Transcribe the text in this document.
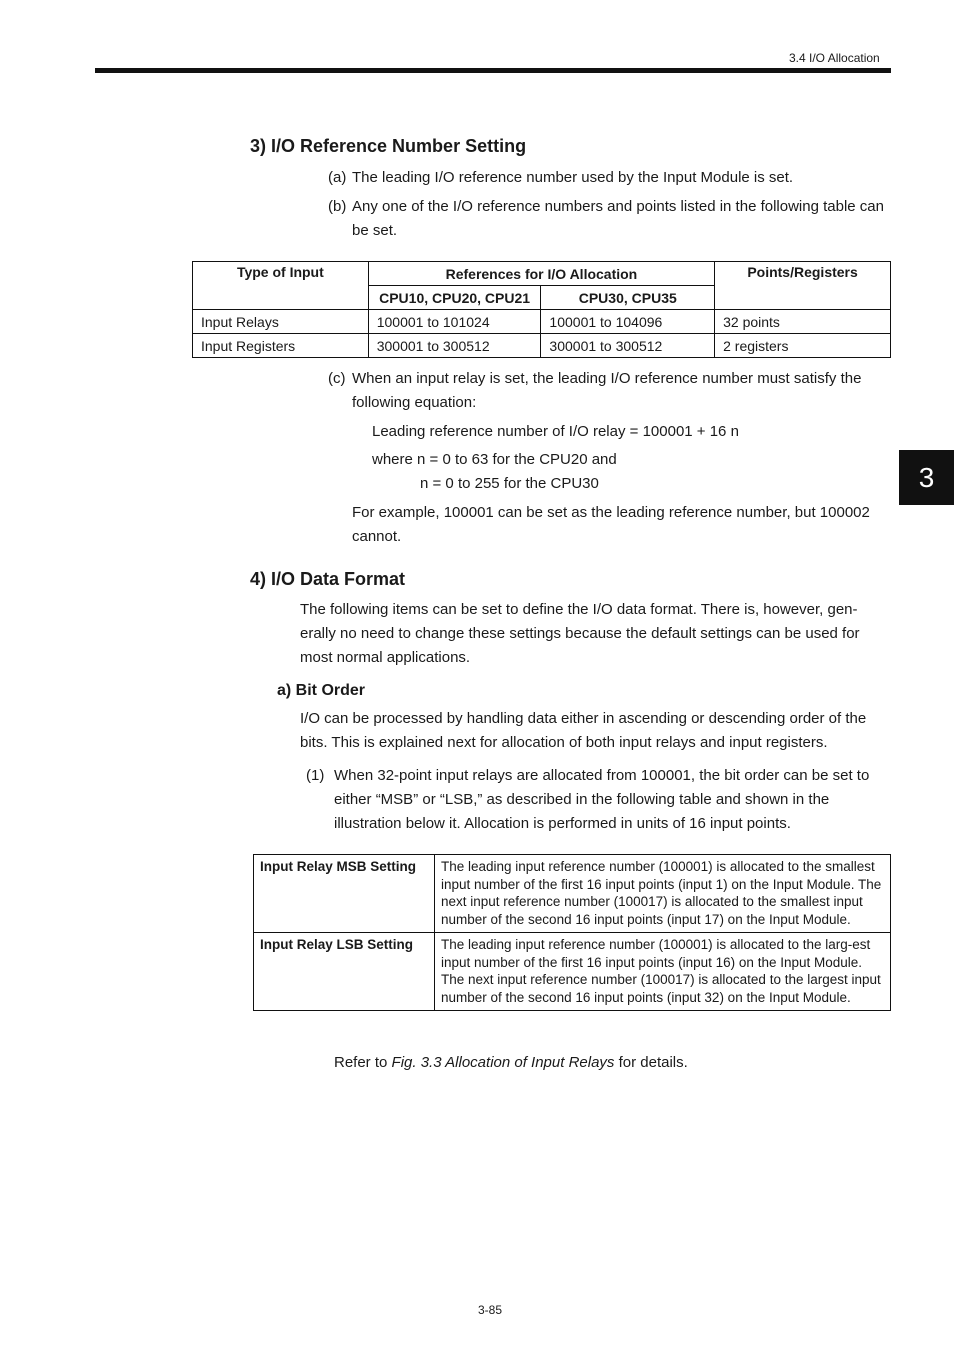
3.4 I/O Allocation
3
3) I/O Reference Number Setting
(a) The leading I/O reference number used by the Input Module is set.
(b) Any one of the I/O reference numbers and points listed in the following table can be set.
Type of Input	References for I/O Allocation		Points/Registers
	CPU10, CPU20, CPU21	CPU30, CPU35	
Input Relays	100001 to 101024	100001 to 104096	32 points
Input Registers	300001 to 300512	300001 to 300512	2 registers
(c) When an input relay is set, the leading I/O reference number must satisfy the following equation:
Leading reference number of I/O relay = 100001 + 16 n
where n = 0 to 63 for the CPU20 and
n = 0 to 255 for the CPU30
For example, 100001 can be set as the leading reference number, but 100002 cannot.
4) I/O Data Format
The following items can be set to define the I/O data format. There is, however, gen-erally no need to change these settings because the default settings can be used for most normal applications.
a) Bit Order
I/O can be processed by handling data either in ascending or descending order of the bits. This is explained next for allocation of both input relays and input registers.
(1) When 32-point input relays are allocated from 100001, the bit order can be set to either “MSB” or “LSB,” as described in the following table and shown in the illustration below it. Allocation is performed in units of 16 input points.
Input Relay MSB Setting	The leading input reference number (100001) is allocated to the smallest input number of the first 16 input points (input 1) on the Input Module. The next input reference number (100017) is allocated to the smallest input number of the second 16 input points (input 17) on the Input Module.
Input Relay LSB Setting	The leading input reference number (100001) is allocated to the larg-est input number of the first 16 input points (input 16) on the Input Module. The next input reference number (100017) is allocated to the largest input number of the second 16 input points (input 32) on the Input Module.
Refer to Fig. 3.3 Allocation of Input Relays for details.
3-85
